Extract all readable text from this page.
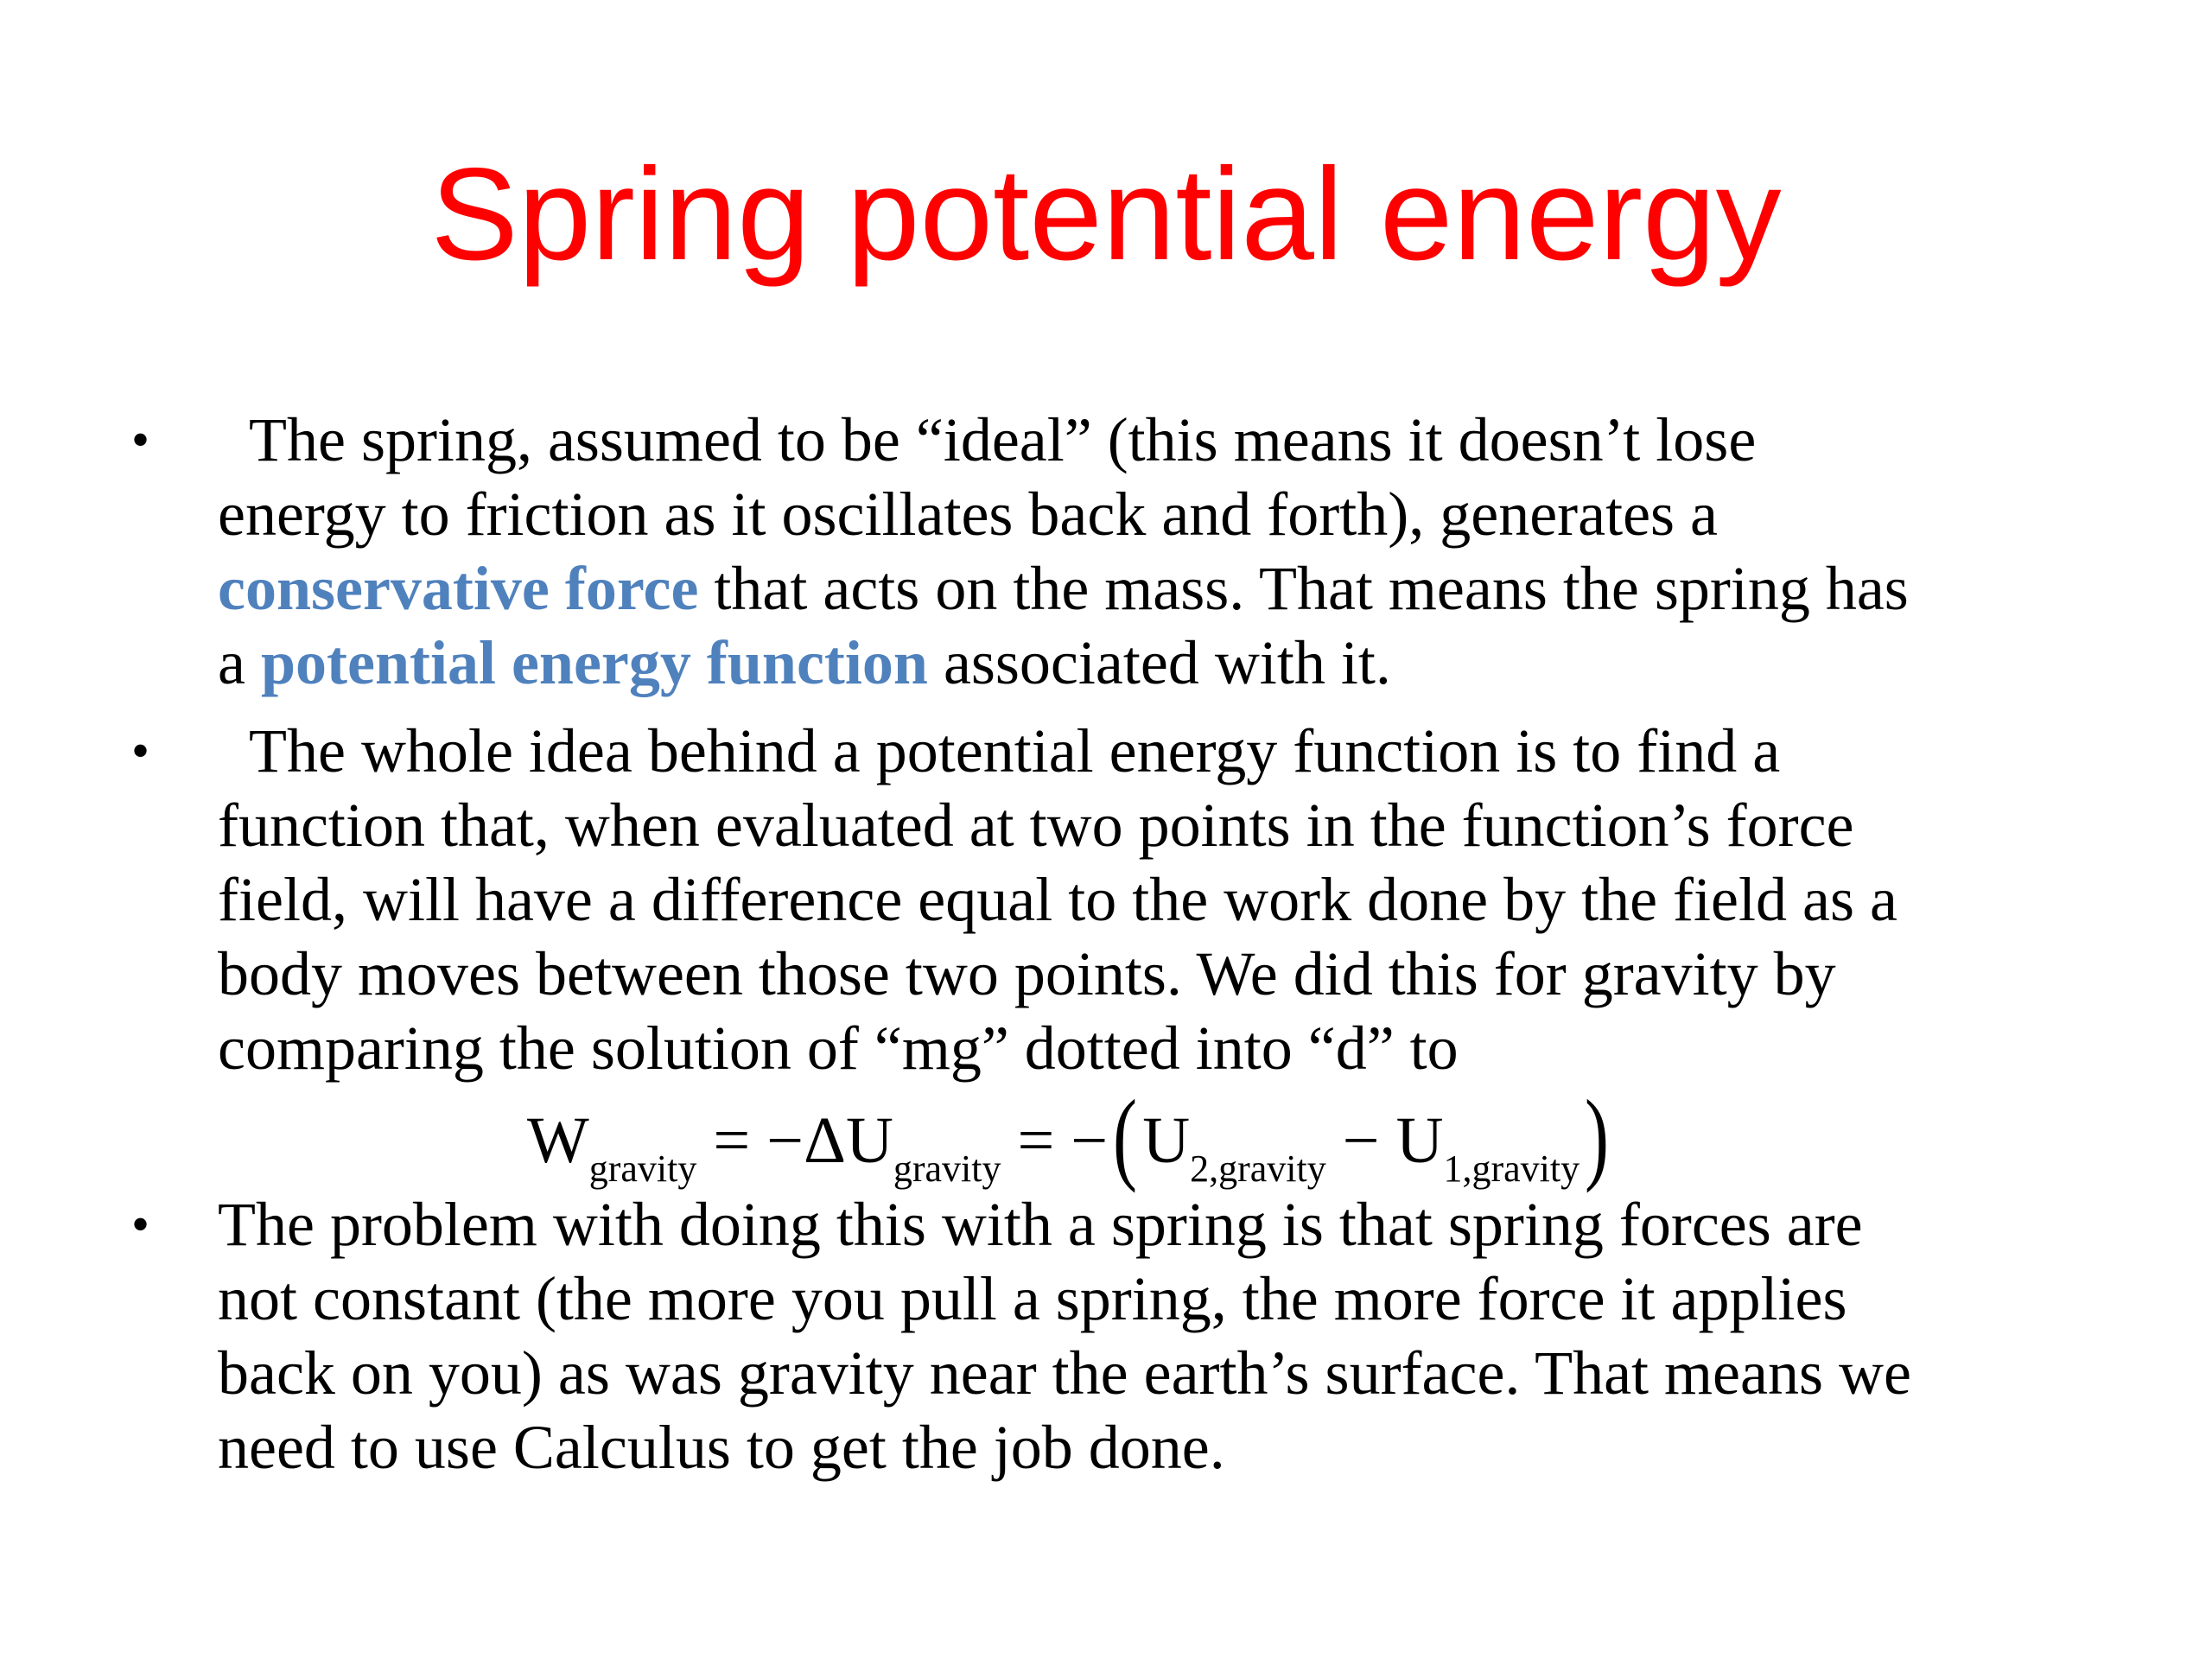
Spring potential energy
•	The spring, assumed to be “ideal” (this means it doesn’t lose
energy to friction as it oscillates back and forth), generates a
conservative force that acts on the mass. That means the spring has
a potential energy function associated with it.
•	The whole idea behind a potential energy function is to find a
function that, when evaluated at two points in the function’s force
field, will have a difference equal to the work done by the field as a
body moves between those two points. We did this for gravity by
comparing the solution of “mg” dotted into “d” to
Wgravity = −ΔUgravity = −(U2,gravity − U1,gravity)
• The problem with doing this with a spring is that spring forces are
not constant (the more you pull a spring, the more force it applies
back on you) as was gravity near the earth’s surface. That means we
need to use Calculus to get the job done.
